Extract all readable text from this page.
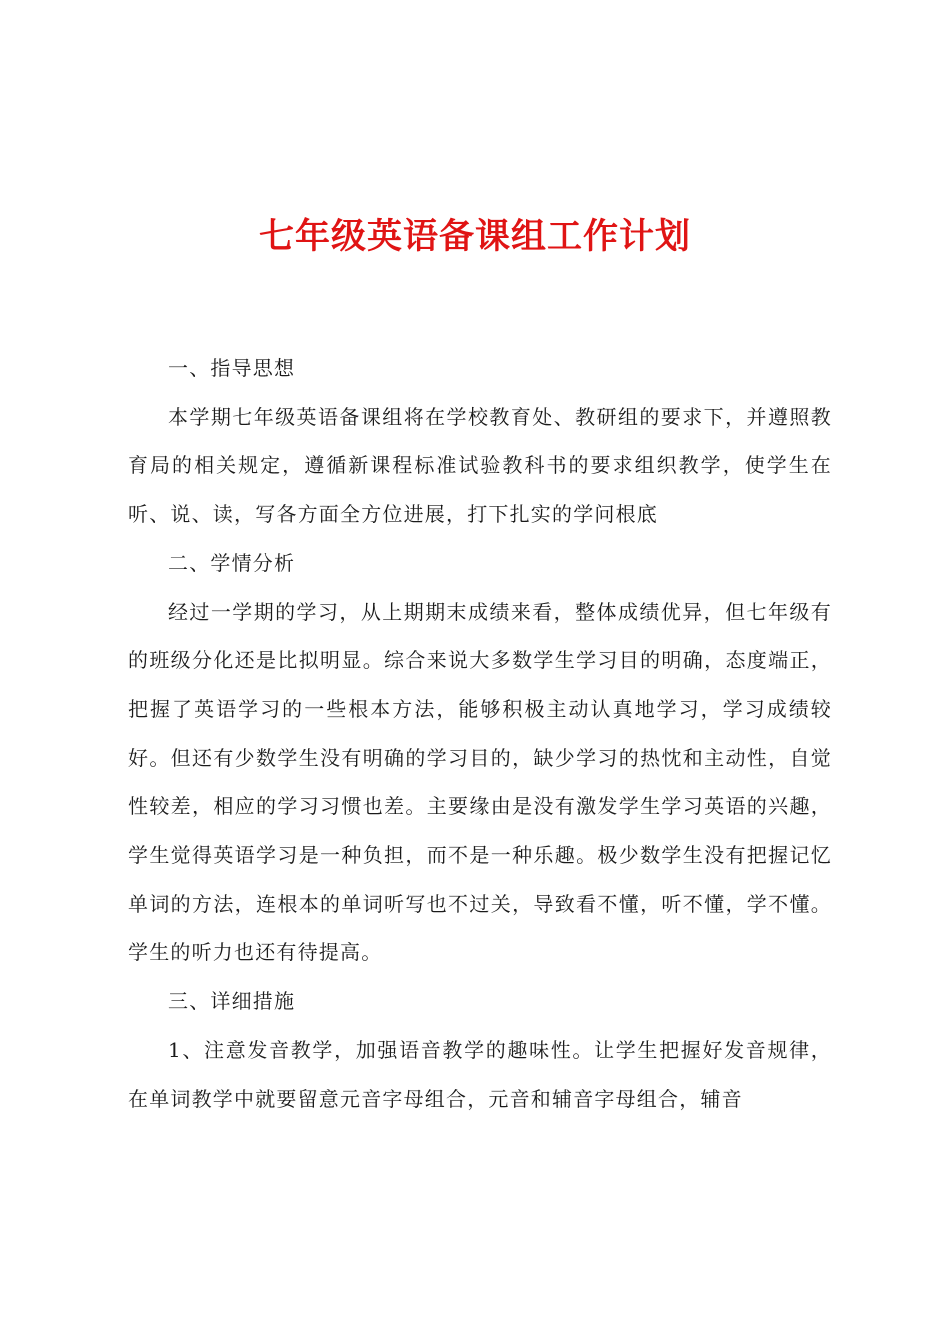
七年级英语备课组工作计划

一、指导思想

本学期七年级英语备课组将在学校教育处、教研组的要求下，并遵照教育局的相关规定，遵循新课程标准试验教科书的要求组织教学，使学生在听、说、读，写各方面全方位进展，打下扎实的学问根底

二、学情分析

经过一学期的学习，从上期期末成绩来看，整体成绩优异，但七年级有的班级分化还是比拟明显。综合来说大多数学生学习目的明确，态度端正，把握了英语学习的一些根本方法，能够积极主动认真地学习，学习成绩较好。但还有少数学生没有明确的学习目的，缺少学习的热忱和主动性，自觉性较差，相应的学习习惯也差。主要缘由是没有激发学生学习英语的兴趣，学生觉得英语学习是一种负担，而不是一种乐趣。极少数学生没有把握记忆单词的方法，连根本的单词听写也不过关，导致看不懂，听不懂，学不懂。学生的听力也还有待提高。

三、详细措施

1、注意发音教学，加强语音教学的趣味性。让学生把握好发音规律，在单词教学中就要留意元音字母组合，元音和辅音字母组合，辅音
